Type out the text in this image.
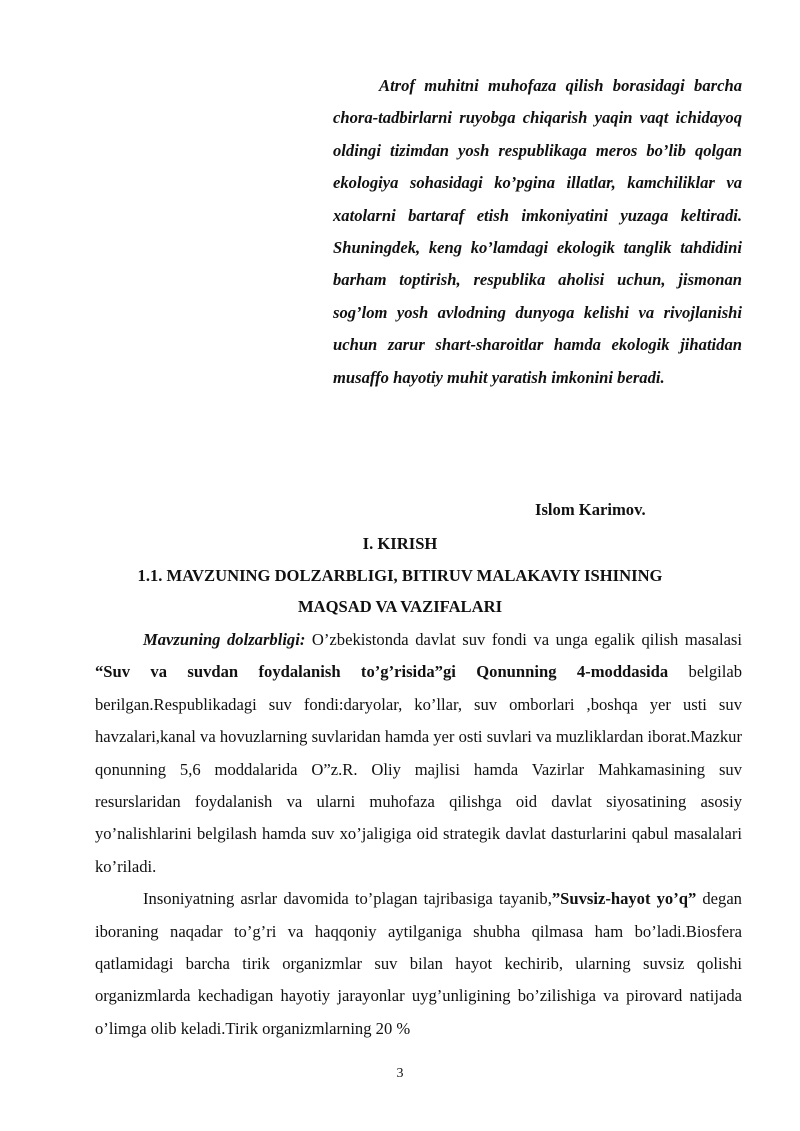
Atrof muhitni muhofaza qilish borasidagi barcha chora-tadbirlarni ruyobga chiqarish yaqin vaqt ichidayoq oldingi tizimdan yosh respublikaga meros bo’lib qolgan ekologiya sohasidagi ko’pgina illatlar, kamchiliklar va xatolarni bartaraf etish imkoniyatini yuzaga keltiradi. Shuningdek, keng ko’lamdagi ekologik tanglik tahdidini barham toptirish, respublika aholisi uchun, jismonan sog’lom yosh avlodning dunyoga kelishi va rivojlanishi uchun zarur shart-sharoitlar hamda ekologik jihatidan musaffo hayotiy muhit yaratish imkonini beradi.
Islom Karimov.
I. KIRISH
1.1. MAVZUNING DOLZARBLIGI, BITIRUV MALAKAVIY ISHINING
MAQSAD VA VAZIFALARI

Mavzuning dolzarbligi: O’zbekistonda davlat suv fondi va unga egalik qilish masalasi “Suv va suvdan foydalanish to’g’risida”gi Qonunning 4-moddasida belgilab berilgan.Respublikadagi suv fondi:daryolar, ko’llar, suv omborlari ,boshqa yer usti suv havzalari,kanal va hovuzlarning suvlaridan hamda yer osti suvlari va muzliklardan iborat.Mazkur qonunning 5,6 moddalarida O”z.R. Oliy majlisi hamda Vazirlar Mahkamasining suv resurslaridan foydalanish va ularni muhofaza qilishga oid davlat siyosatining asosiy yo’nalishlarini belgilash hamda suv xo’jaligiga oid strategik davlat dasturlarini qabul masalalari ko’riladi.

Insoniyatning asrlar davomida to’plagan tajribasiga tayanib,”Suvsiz-hayot yo’q” degan iboraning naqadar to’g’ri va haqqoniy aytilganiga shubha qilmasa ham bo’ladi.Biosfera qatlamidagi barcha tirik organizmlar suv bilan hayot kechirib, ularning suvsiz qolishi organizmlarda kechadigan hayotiy jarayonlar uyg’unligining bo’zilishiga va pirovard natijada o’limga olib keladi.Tirik organizmlarning 20 %

3
